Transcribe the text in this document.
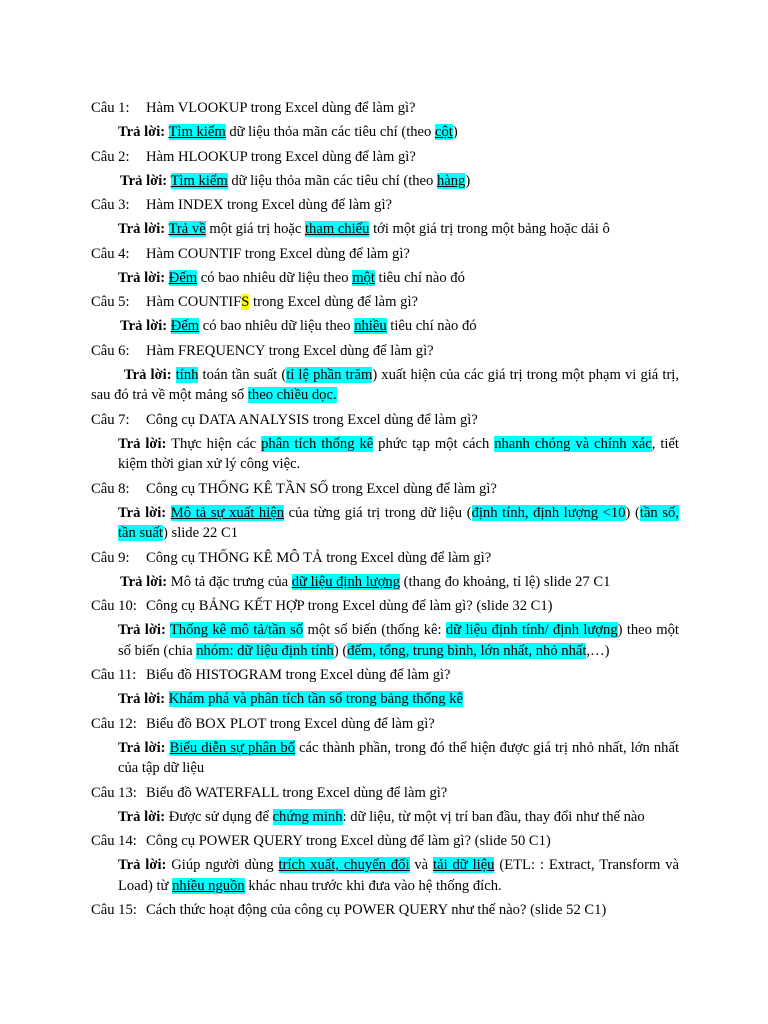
Câu 1:	Hàm VLOOKUP trong Excel dùng để làm gì?
Trả lời: Tìm kiếm dữ liệu thỏa mãn các tiêu chí (theo cột)
Câu 2:	Hàm HLOOKUP trong Excel dùng để làm gì?
Trả lời: Tìm kiếm dữ liệu thỏa mãn các tiêu chí (theo hàng)
Câu 3:	Hàm INDEX trong Excel dùng để làm gì?
Trả lời: Trả về một giá trị hoặc tham chiếu tới một giá trị trong một bảng hoặc dải ô
Câu 4:	Hàm COUNTIF trong Excel dùng để làm gì?
Trả lời: Đếm có bao nhiêu dữ liệu theo một tiêu chí nào đó
Câu 5:	Hàm COUNTIFS trong Excel dùng để làm gì?
Trả lời: Đếm có bao nhiêu dữ liệu theo nhiều tiêu chí nào đó
Câu 6:	Hàm FREQUENCY trong Excel dùng để làm gì?
Trả lời: tính toán tần suất (tỉ lệ phần trăm) xuất hiện của các giá trị trong một phạm vi giá trị, sau đó trả về một mảng số theo chiều dọc.
Câu 7:	Công cụ DATA ANALYSIS trong Excel dùng để làm gì?
Trả lời: Thực hiện các phân tích thống kê phức tạp một cách nhanh chóng và chính xác, tiết kiệm thời gian xử lý công việc.
Câu 8:	Công cụ THỐNG KÊ TẦN SỐ trong Excel dùng để làm gì?
Trả lời: Mô tả sự xuất hiện của từng giá trị trong dữ liệu (định tính, định lượng <10) (tần số, tần suất) slide 22 C1
Câu 9:	Công cụ THỐNG KÊ MÔ TẢ trong Excel dùng để làm gì?
Trả lời: Mô tả đặc trưng của dữ liệu định lượng (thang đo khoảng, tỉ lệ) slide 27 C1
Câu 10: Công cụ BẢNG KẾT HỢP trong Excel dùng để làm gì? (slide 32 C1)
Trả lời: Thống kê mô tả/tần số một số biến (thống kê: dữ liệu định tính/ định lượng) theo một số biến (chia nhóm: dữ liệu định tính) (đếm, tổng, trung bình, lớn nhất, nhỏ nhất,…)
Câu 11: Biểu đồ HISTOGRAM trong Excel dùng để làm gì?
Trả lời: Khám phá và phân tích tần số trong bảng thống kê
Câu 12: Biểu đồ BOX PLOT trong Excel dùng để làm gì?
Trả lời: Biểu diễn sự phân bố các thành phần, trong đó thể hiện được giá trị nhỏ nhất, lớn nhất của tập dữ liệu
Câu 13: Biểu đồ WATERFALL trong Excel dùng để làm gì?
Trả lời: Được sử dụng để chứng minh: dữ liệu, từ một vị trí ban đầu, thay đổi như thế nào
Câu 14: Công cụ POWER QUERY trong Excel dùng để làm gì? (slide 50 C1)
Trả lời: Giúp người dùng trích xuất, chuyển đổi và tải dữ liệu (ETL: : Extract, Transform và Load) từ nhiều nguồn khác nhau trước khi đưa vào hệ thống đích.
Câu 15: Cách thức hoạt động của công cụ POWER QUERY như thế nào? (slide 52 C1)
